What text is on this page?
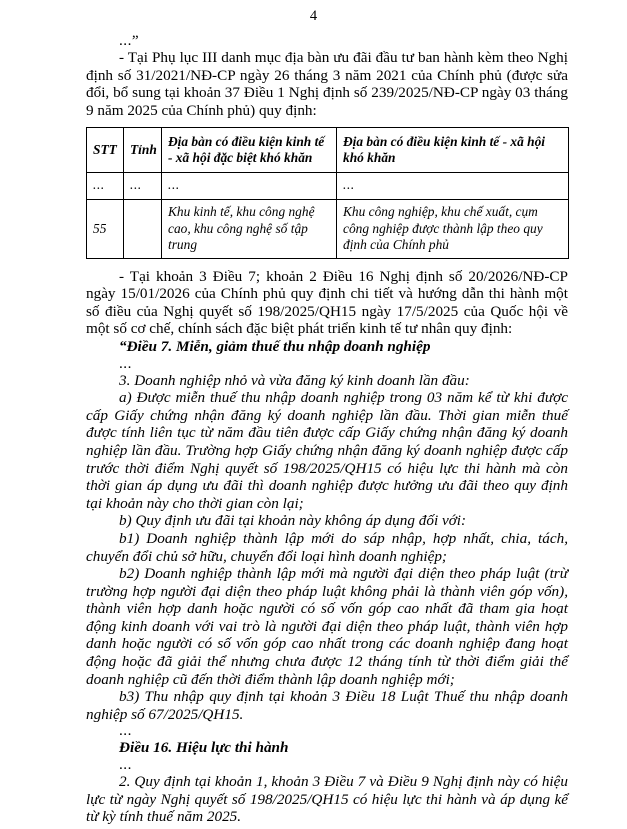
4

...”

- Tại Phụ lục III danh mục địa bàn ưu đãi đầu tư ban hành kèm theo Nghị định số 31/2021/NĐ-CP ngày 26 tháng 3 năm 2021 của Chính phủ (được sửa đổi, bổ sung tại khoản 37 Điều 1 Nghị định số 239/2025/NĐ-CP ngày 03 tháng 9 năm 2025 của Chính phủ) quy định:

STT	Tỉnh	Địa bàn có điều kiện kinh tế - xã hội đặc biệt khó khăn	Địa bàn có điều kiện kinh tế - xã hội khó khăn
...	...	...	...
55		Khu kinh tế, khu công nghệ cao, khu công nghệ số tập trung	Khu công nghiệp, khu chế xuất, cụm công nghiệp được thành lập theo quy định của Chính phủ

- Tại khoản 3 Điều 7; khoản 2 Điều 16 Nghị định số 20/2026/NĐ-CP ngày 15/01/2026 của Chính phủ quy định chi tiết và hướng dẫn thi hành một số điều của Nghị quyết số 198/2025/QH15 ngày 17/5/2025 của Quốc hội về một số cơ chế, chính sách đặc biệt phát triển kinh tế tư nhân quy định:

“Điều 7. Miễn, giảm thuế thu nhập doanh nghiệp

...

3. Doanh nghiệp nhỏ và vừa đăng ký kinh doanh lần đầu:

a) Được miễn thuế thu nhập doanh nghiệp trong 03 năm kể từ khi được cấp Giấy chứng nhận đăng ký doanh nghiệp lần đầu. Thời gian miễn thuế được tính liên tục từ năm đầu tiên được cấp Giấy chứng nhận đăng ký doanh nghiệp lần đầu. Trường hợp Giấy chứng nhận đăng ký doanh nghiệp được cấp trước thời điểm Nghị quyết số 198/2025/QH15 có hiệu lực thi hành mà còn thời gian áp dụng ưu đãi thì doanh nghiệp được hưởng ưu đãi theo quy định tại khoản này cho thời gian còn lại;

b) Quy định ưu đãi tại khoản này không áp dụng đối với:

b1) Doanh nghiệp thành lập mới do sáp nhập, hợp nhất, chia, tách, chuyển đổi chủ sở hữu, chuyển đổi loại hình doanh nghiệp;

b2) Doanh nghiệp thành lập mới mà người đại diện theo pháp luật (trừ trường hợp người đại diện theo pháp luật không phải là thành viên góp vốn), thành viên hợp danh hoặc người có số vốn góp cao nhất đã tham gia hoạt động kinh doanh với vai trò là người đại diện theo pháp luật, thành viên hợp danh hoặc người có số vốn góp cao nhất trong các doanh nghiệp đang hoạt động hoặc đã giải thể nhưng chưa được 12 tháng tính từ thời điểm giải thể doanh nghiệp cũ đến thời điểm thành lập doanh nghiệp mới;

b3) Thu nhập quy định tại khoản 3 Điều 18 Luật Thuế thu nhập doanh nghiệp số 67/2025/QH15.

...

Điều 16. Hiệu lực thi hành

...

2. Quy định tại khoản 1, khoản 3 Điều 7 và Điều 9 Nghị định này có hiệu lực từ ngày Nghị quyết số 198/2025/QH15 có hiệu lực thi hành và áp dụng kể từ kỳ tính thuế năm 2025.
